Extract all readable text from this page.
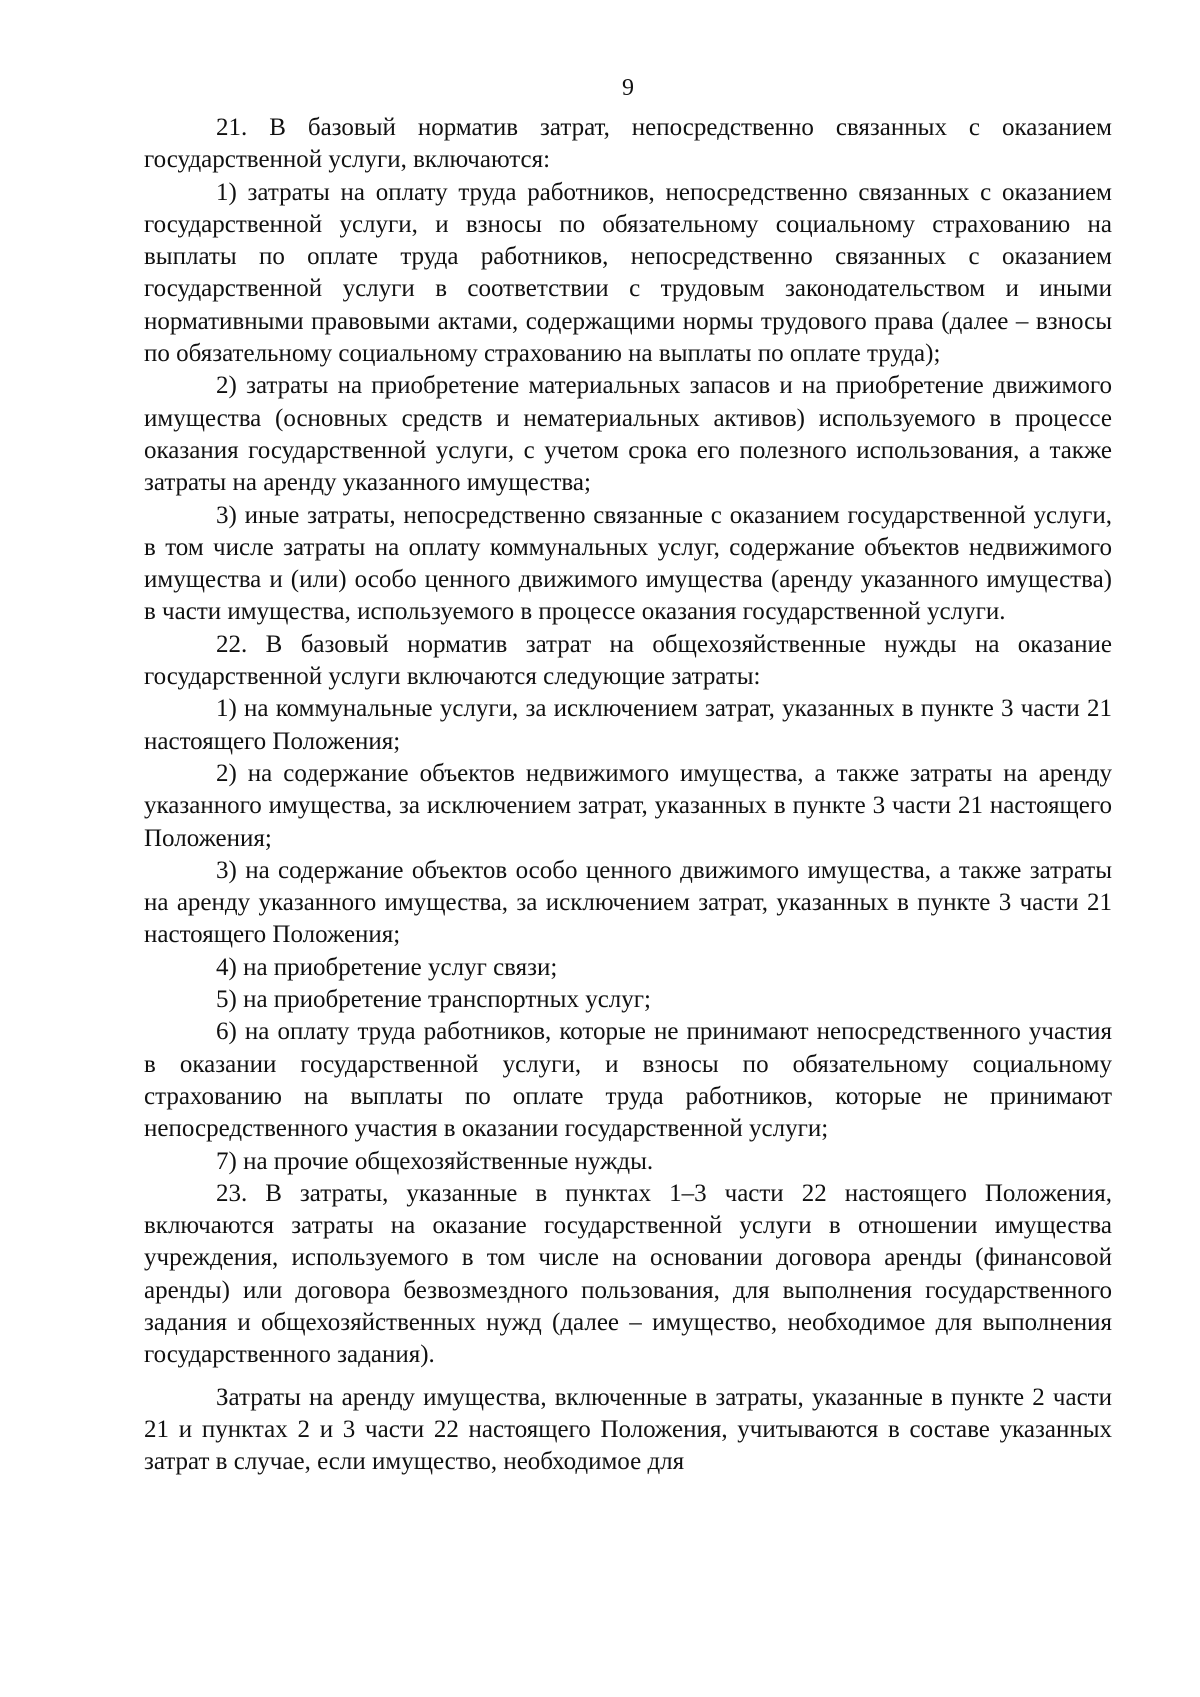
9

21. В базовый норматив затрат, непосредственно связанных с оказанием государственной услуги, включаются:

1) затраты на оплату труда работников, непосредственно связанных с оказанием государственной услуги, и взносы по обязательному социальному страхованию на выплаты по оплате труда работников, непосредственно связанных с оказанием государственной услуги в соответствии с трудовым законодательством и иными нормативными правовыми актами, содержащими нормы трудового права (далее – взносы по обязательному социальному страхованию на выплаты по оплате труда);

2) затраты на приобретение материальных запасов и на приобретение движимого имущества (основных средств и нематериальных активов) используемого в процессе оказания государственной услуги, с учетом срока его полезного использования, а также затраты на аренду указанного имущества;

3) иные затраты, непосредственно связанные с оказанием государственной услуги, в том числе затраты на оплату коммунальных услуг, содержание объектов недвижимого имущества и (или) особо ценного движимого имущества (аренду указанного имущества) в части имущества, используемого в процессе оказания государственной услуги.

22. В базовый норматив затрат на общехозяйственные нужды на оказание государственной услуги включаются следующие затраты:

1) на коммунальные услуги, за исключением затрат, указанных в пункте 3 части 21 настоящего Положения;

2) на содержание объектов недвижимого имущества, а также затраты на аренду указанного имущества, за исключением затрат, указанных в пункте 3 части 21 настоящего Положения;

3) на содержание объектов особо ценного движимого имущества, а также затраты на аренду указанного имущества, за исключением затрат, указанных в пункте 3 части 21 настоящего Положения;

4) на приобретение услуг связи;

5) на приобретение транспортных услуг;

6) на оплату труда работников, которые не принимают непосредственного участия в оказании государственной услуги, и взносы по обязательному социальному страхованию на выплаты по оплате труда работников, которые не принимают непосредственного участия в оказании государственной услуги;

7) на прочие общехозяйственные нужды.

23. В затраты, указанные в пунктах 1–3 части 22 настоящего Положения, включаются затраты на оказание государственной услуги в отношении имущества учреждения, используемого в том числе на основании договора аренды (финансовой аренды) или договора безвозмездного пользования, для выполнения государственного задания и общехозяйственных нужд (далее – имущество, необходимое для выполнения государственного задания).

Затраты на аренду имущества, включенные в затраты, указанные в пункте 2 части 21 и пунктах 2 и 3 части 22 настоящего Положения, учитываются в составе указанных затрат в случае, если имущество, необходимое для
